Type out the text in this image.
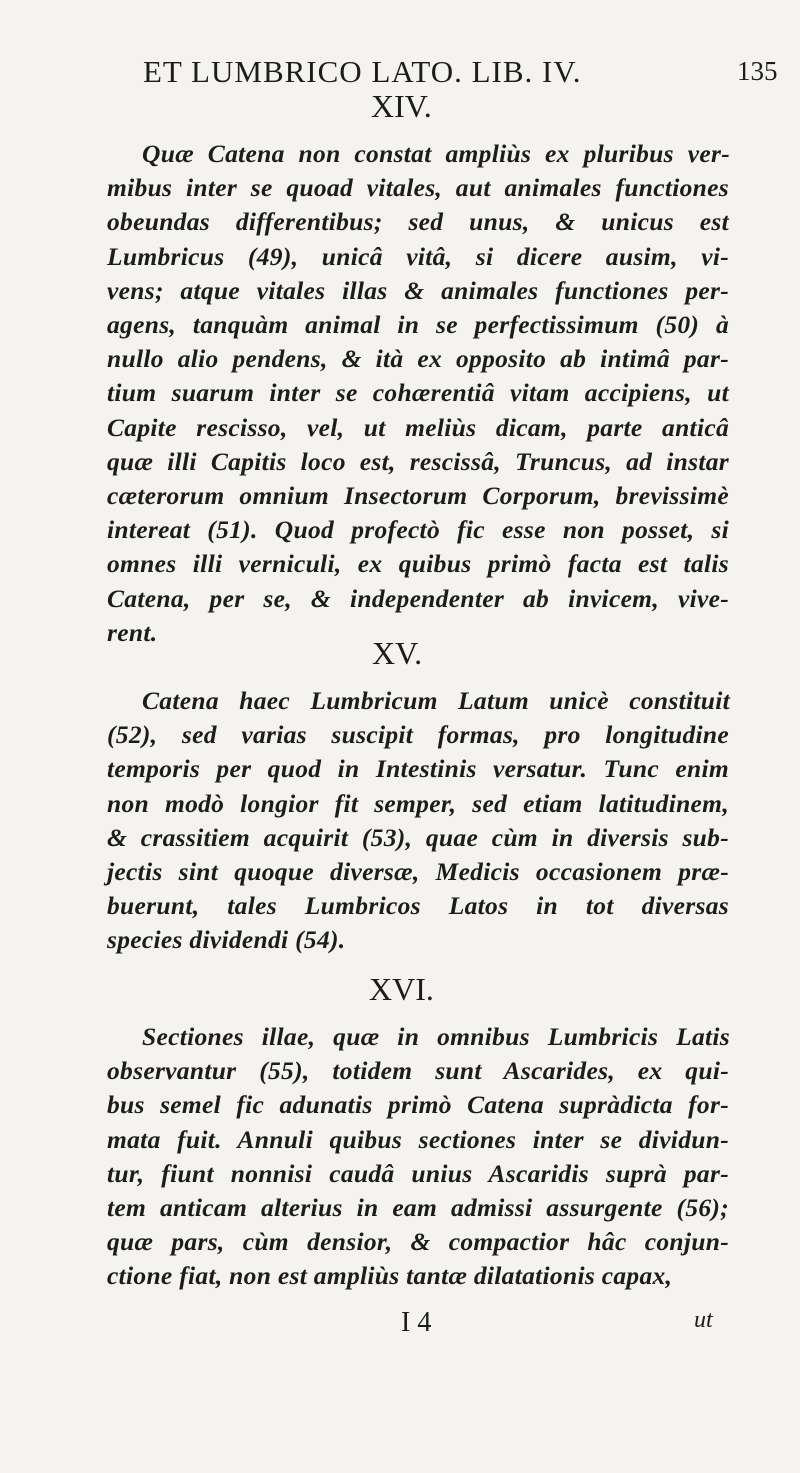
ET LUMBRICO LATO. LIB. IV.	135
XIV.
Quæ Catena non constat ampliùs ex pluribus ver-
mibus inter se quoad vitales, aut animales functiones
obeundas differentibus; sed unus, & unicus est
Lumbricus (49), unicâ vitâ, si dicere ausim, vi-
vens; atque vitales illas & animales functiones per-
agens, tanquàm animal in se perfectissimum (50) à
nullo alio pendens, & ità ex opposito ab intimâ par-
tium suarum inter se cohærentiâ vitam accipiens, ut
Capite rescisso, vel, ut meliùs dicam, parte anticâ
quæ illi Capitis loco est, rescissâ, Truncus, ad instar
cæterorum omnium Insectorum Corporum, brevissimè
intereat (51). Quod profectò fic esse non posset, si
omnes illi verniculi, ex quibus primò facta est talis
Catena, per se, & independenter ab invicem, vive-
rent.
XV.
Catena haec Lumbricum Latum unicè constituit
(52), sed varias suscipit formas, pro longitudine
temporis per quod in Intestinis versatur. Tunc enim
non modò longior fit semper, sed etiam latitudinem,
& crassitiem acquirit (53), quae cùm in diversis sub-
jectis sint quoque diversæ, Medicis occasionem præ-
buerunt, tales Lumbricos Latos in tot diversas
species dividendi (54).
XVI.
Sectiones illae, quæ in omnibus Lumbricis Latis
observantur (55), totidem sunt Ascarides, ex qui-
bus semel fic adunatis primò Catena supràdicta for-
mata fuit. Annuli quibus sectiones inter se dividun-
tur, fiunt nonnisi caudâ unius Ascaridis suprà par-
tem anticam alterius in eam admissi assurgente (56);
quæ pars, cùm densior, & compactior hâc conjun-
ctione fiat, non est ampliùs tantæ dilatationis capax,
I 4	ut
